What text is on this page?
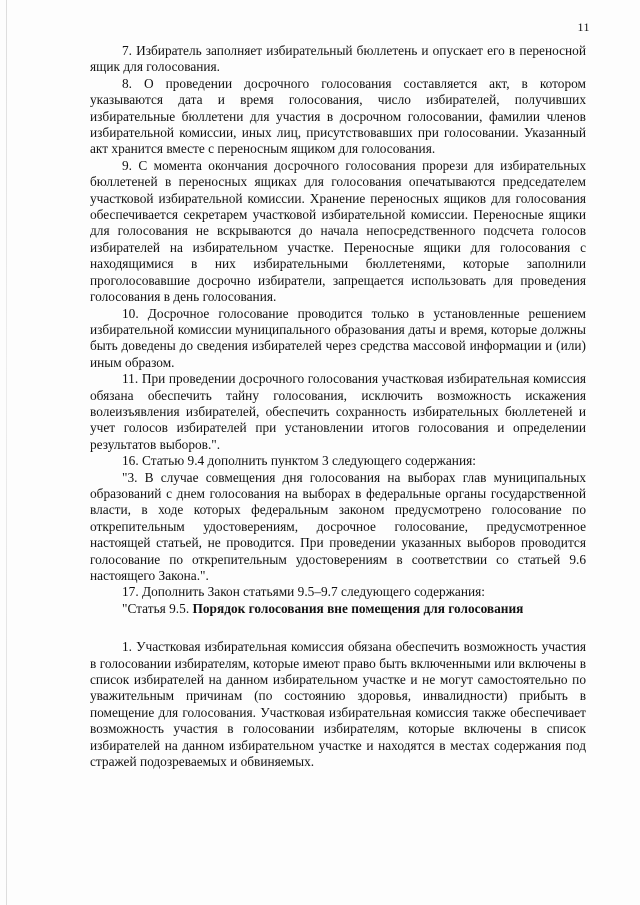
11

7. Избиратель заполняет избирательный бюллетень и опускает его в переносной ящик для голосования.

8. О проведении досрочного голосования составляется акт, в котором указываются дата и время голосования, число избирателей, получивших избирательные бюллетени для участия в досрочном голосовании, фамилии членов избирательной комиссии, иных лиц, присутствовавших при голосовании. Указанный акт хранится вместе с переносным ящиком для голосования.

9. С момента окончания досрочного голосования прорези для избирательных бюллетеней в переносных ящиках для голосования опечатываются председателем участковой избирательной комиссии. Хранение переносных ящиков для голосования обеспечивается секретарем участковой избирательной комиссии. Переносные ящики для голосования не вскрываются до начала непосредственного подсчета голосов избирателей на избирательном участке. Переносные ящики для голосования с находящимися в них избирательными бюллетенями, которые заполнили проголосовавшие досрочно избиратели, запрещается использовать для проведения голосования в день голосования.

10. Досрочное голосование проводится только в установленные решением избирательной комиссии муниципального образования даты и время, которые должны быть доведены до сведения избирателей через средства массовой информации и (или) иным образом.

11. При проведении досрочного голосования участковая избирательная комиссия обязана обеспечить тайну голосования, исключить возможность искажения волеизъявления избирателей, обеспечить сохранность избирательных бюллетеней и учет голосов избирателей при установлении итогов голосования и определении результатов выборов.".

16. Статью 9.4 дополнить пунктом 3 следующего содержания:

"3. В случае совмещения дня голосования на выборах глав муниципальных образований с днем голосования на выборах в федеральные органы государственной власти, в ходе которых федеральным законом предусмотрено голосование по открепительным удостоверениям, досрочное голосование, предусмотренное настоящей статьей, не проводится. При проведении указанных выборов проводится голосование по открепительным удостоверениям в соответствии со статьей 9.6 настоящего Закона.".

17. Дополнить Закон статьями 9.5–9.7 следующего содержания:

"Статья 9.5. Порядок голосования вне помещения для голосования

1. Участковая избирательная комиссия обязана обеспечить возможность участия в голосовании избирателям, которые имеют право быть включенными или включены в список избирателей на данном избирательном участке и не могут самостоятельно по уважительным причинам (по состоянию здоровья, инвалидности) прибыть в помещение для голосования. Участковая избирательная комиссия также обеспечивает возможность участия в голосовании избирателям, которые включены в список избирателей на данном избирательном участке и находятся в местах содержания под стражей подозреваемых и обвиняемых.
